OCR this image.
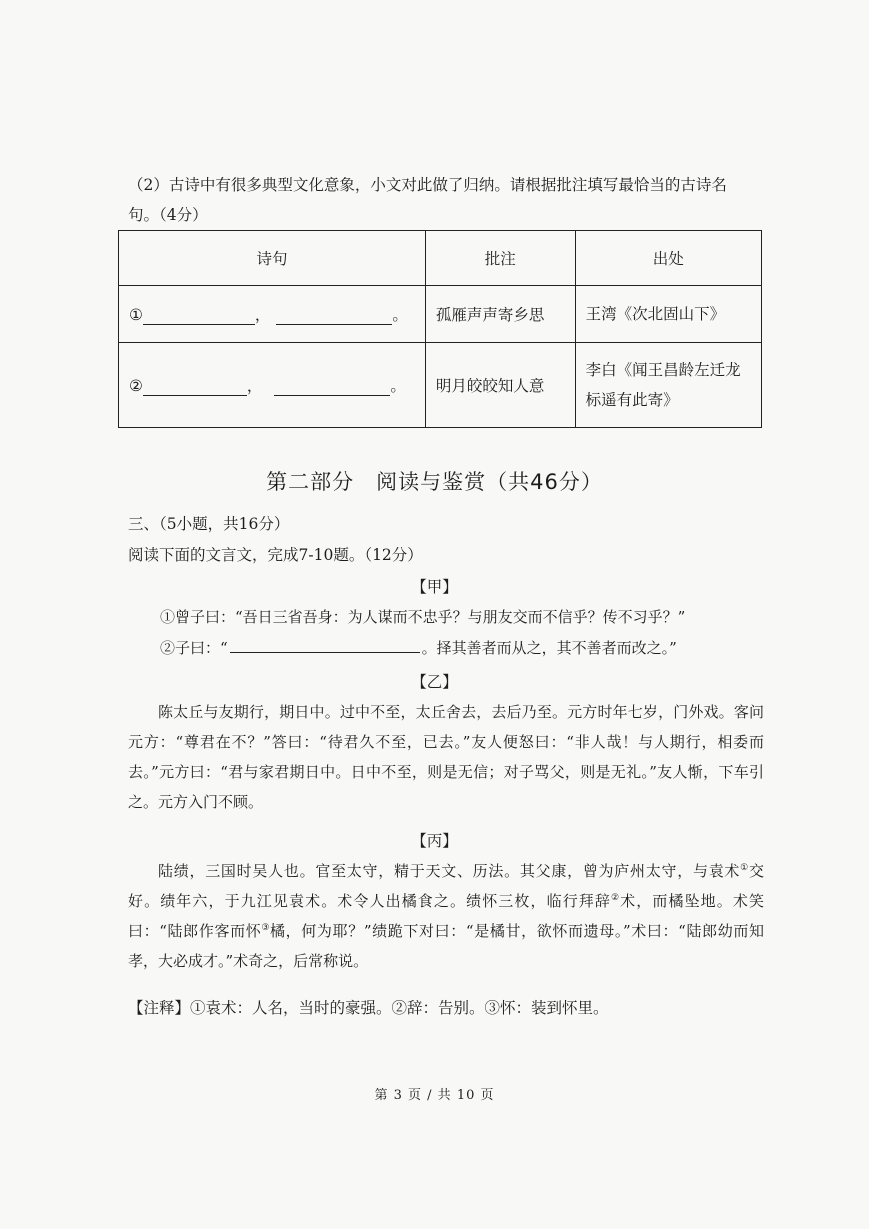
（2）古诗中有很多典型文化意象，小文对此做了归纳。请根据批注填写最恰当的古诗名
句。（4分）
诗句	批注	出处
① ， 。	孤雁声声寄乡思	王湾《次北固山下》
② ， 。	明月皎皎知人意	李白《闻王昌龄左迁龙标遥有此寄》
第二部分 阅读与鉴赏（共46分）
三、（5小题，共16分）
阅读下面的文言文，完成7-10题。（12分）
【甲】
①曾子曰：“吾日三省吾身：为人谋而不忠乎？与朋友交而不信乎？传不习乎？”
②子曰：“	。择其善者而从之，其不善者而改之。”
【乙】
陈太丘与友期行，期日中。过中不至，太丘舍去，去后乃至。元方时年七岁，门外戏。客问元方：“尊君在不？”答曰：“待君久不至，已去。”友人便怒曰：“非人哉！与人期行，相委而去。”元方曰：“君与家君期日中。日中不至，则是无信；对子骂父，则是无礼。”友人惭，下车引之。元方入门不顾。
【丙】
陆绩，三国时吴人也。官至太守，精于天文、历法。其父康，曾为庐州太守，与袁术①交好。绩年六，于九江见袁术。术令人出橘食之。绩怀三枚，临行拜辞②术，而橘坠地。术笑曰：“陆郎作客而怀③橘，何为耶？”绩跪下对曰：“是橘甘，欲怀而遗母。”术曰：“陆郎幼而知孝，大必成才。”术奇之，后常称说。
【注释】①袁术：人名，当时的豪强。②辞：告别。③怀：装到怀里。
第 3 页 / 共 10 页
